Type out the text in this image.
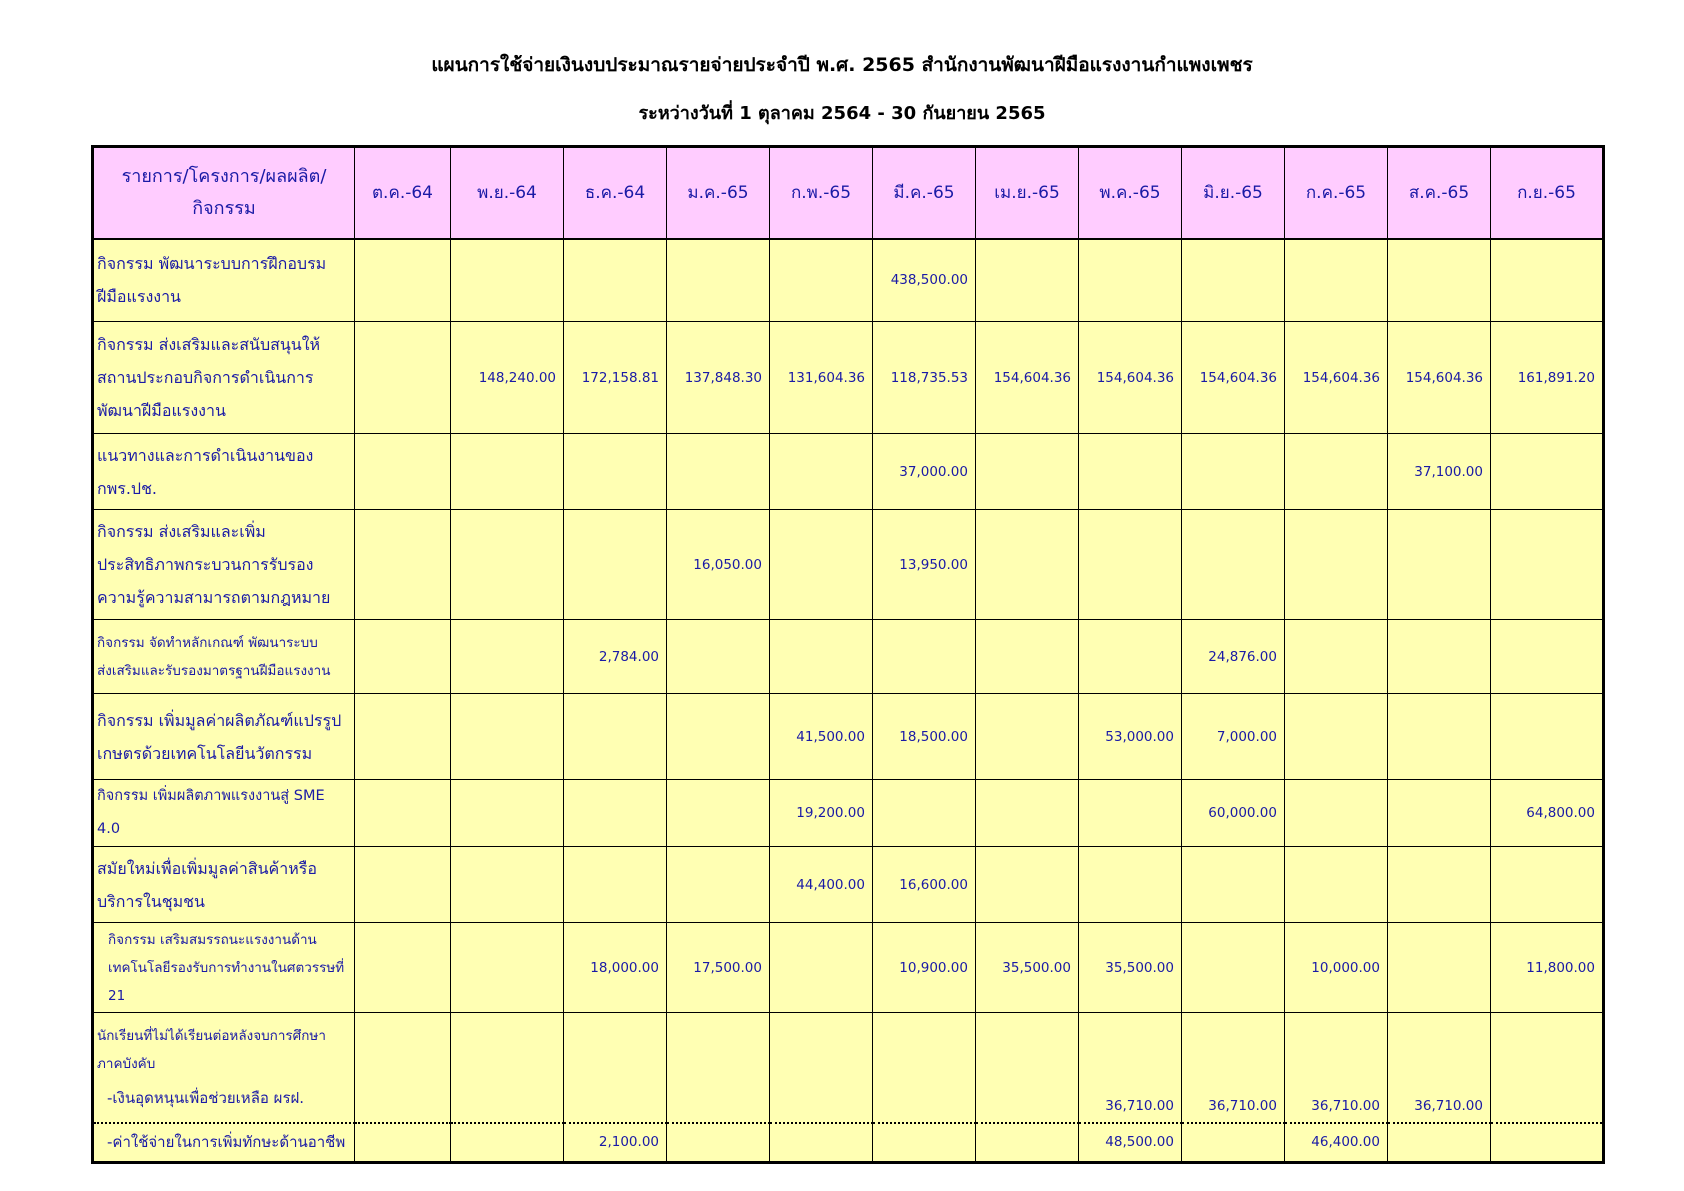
แผนการใช้จ่ายเงินงบประมาณรายจ่ายประจำปี พ.ศ. 2565 สำนักงานพัฒนาฝีมือแรงงานกำแพงเพชร
ระหว่างวันที่ 1 ตุลาคม 2564 - 30 กันยายน 2565
รายการ/โครงการ/ผลผลิต/
กิจกรรม	ต.ค.-64	พ.ย.-64	ธ.ค.-64	ม.ค.-65	ก.พ.-65	มี.ค.-65	เม.ย.-65	พ.ค.-65	มิ.ย.-65	ก.ค.-65	ส.ค.-65	ก.ย.-65

กิจกรรม พัฒนาระบบการฝึกอบรม
ฝีมือแรงงาน						438,500.00						

กิจกรรม ส่งเสริมและสนับสนุนให้
สถานประกอบกิจการดำเนินการ
พัฒนาฝีมือแรงงาน		148,240.00	172,158.81	137,848.30	131,604.36	118,735.53	154,604.36	154,604.36	154,604.36	154,604.36	154,604.36	161,891.20

แนวทางและการดำเนินงานของ
กพร.ปช.						37,000.00					37,100.00	

กิจกรรม ส่งเสริมและเพิ่ม
ประสิทธิภาพกระบวนการรับรอง
ความรู้ความสามารถตามกฎหมาย				16,050.00		13,950.00						

กิจกรรม จัดทำหลักเกณฑ์ พัฒนาระบบ
ส่งเสริมและรับรองมาตรฐานฝีมือแรงงาน			2,784.00						24,876.00			

กิจกรรม เพิ่มมูลค่าผลิตภัณฑ์แปรรูป
เกษตรด้วยเทคโนโลยีนวัตกรรม					41,500.00	18,500.00		53,000.00	7,000.00			

กิจกรรม เพิ่มผลิตภาพแรงงานสู่ SME 4.0					19,200.00				60,000.00			64,800.00

สมัยใหม่เพื่อเพิ่มมูลค่าสินค้าหรือ
บริการในชุมชน					44,400.00	16,600.00						

กิจกรรม เสริมสมรรถนะแรงงานด้าน
เทคโนโลยีรองรับการทำงานในศตวรรษที่ 21			18,000.00	17,500.00		10,900.00	35,500.00	35,500.00		10,000.00		11,800.00

นักเรียนที่ไม่ได้เรียนต่อหลังจบการศึกษา
ภาคบังคับ
-เงินอุดหนุนเพื่อช่วยเหลือ ผรฝ.								36,710.00	36,710.00	36,710.00	36,710.00	

-ค่าใช้จ่ายในการเพิ่มทักษะด้านอาชีพ			2,100.00					48,500.00		46,400.00		
